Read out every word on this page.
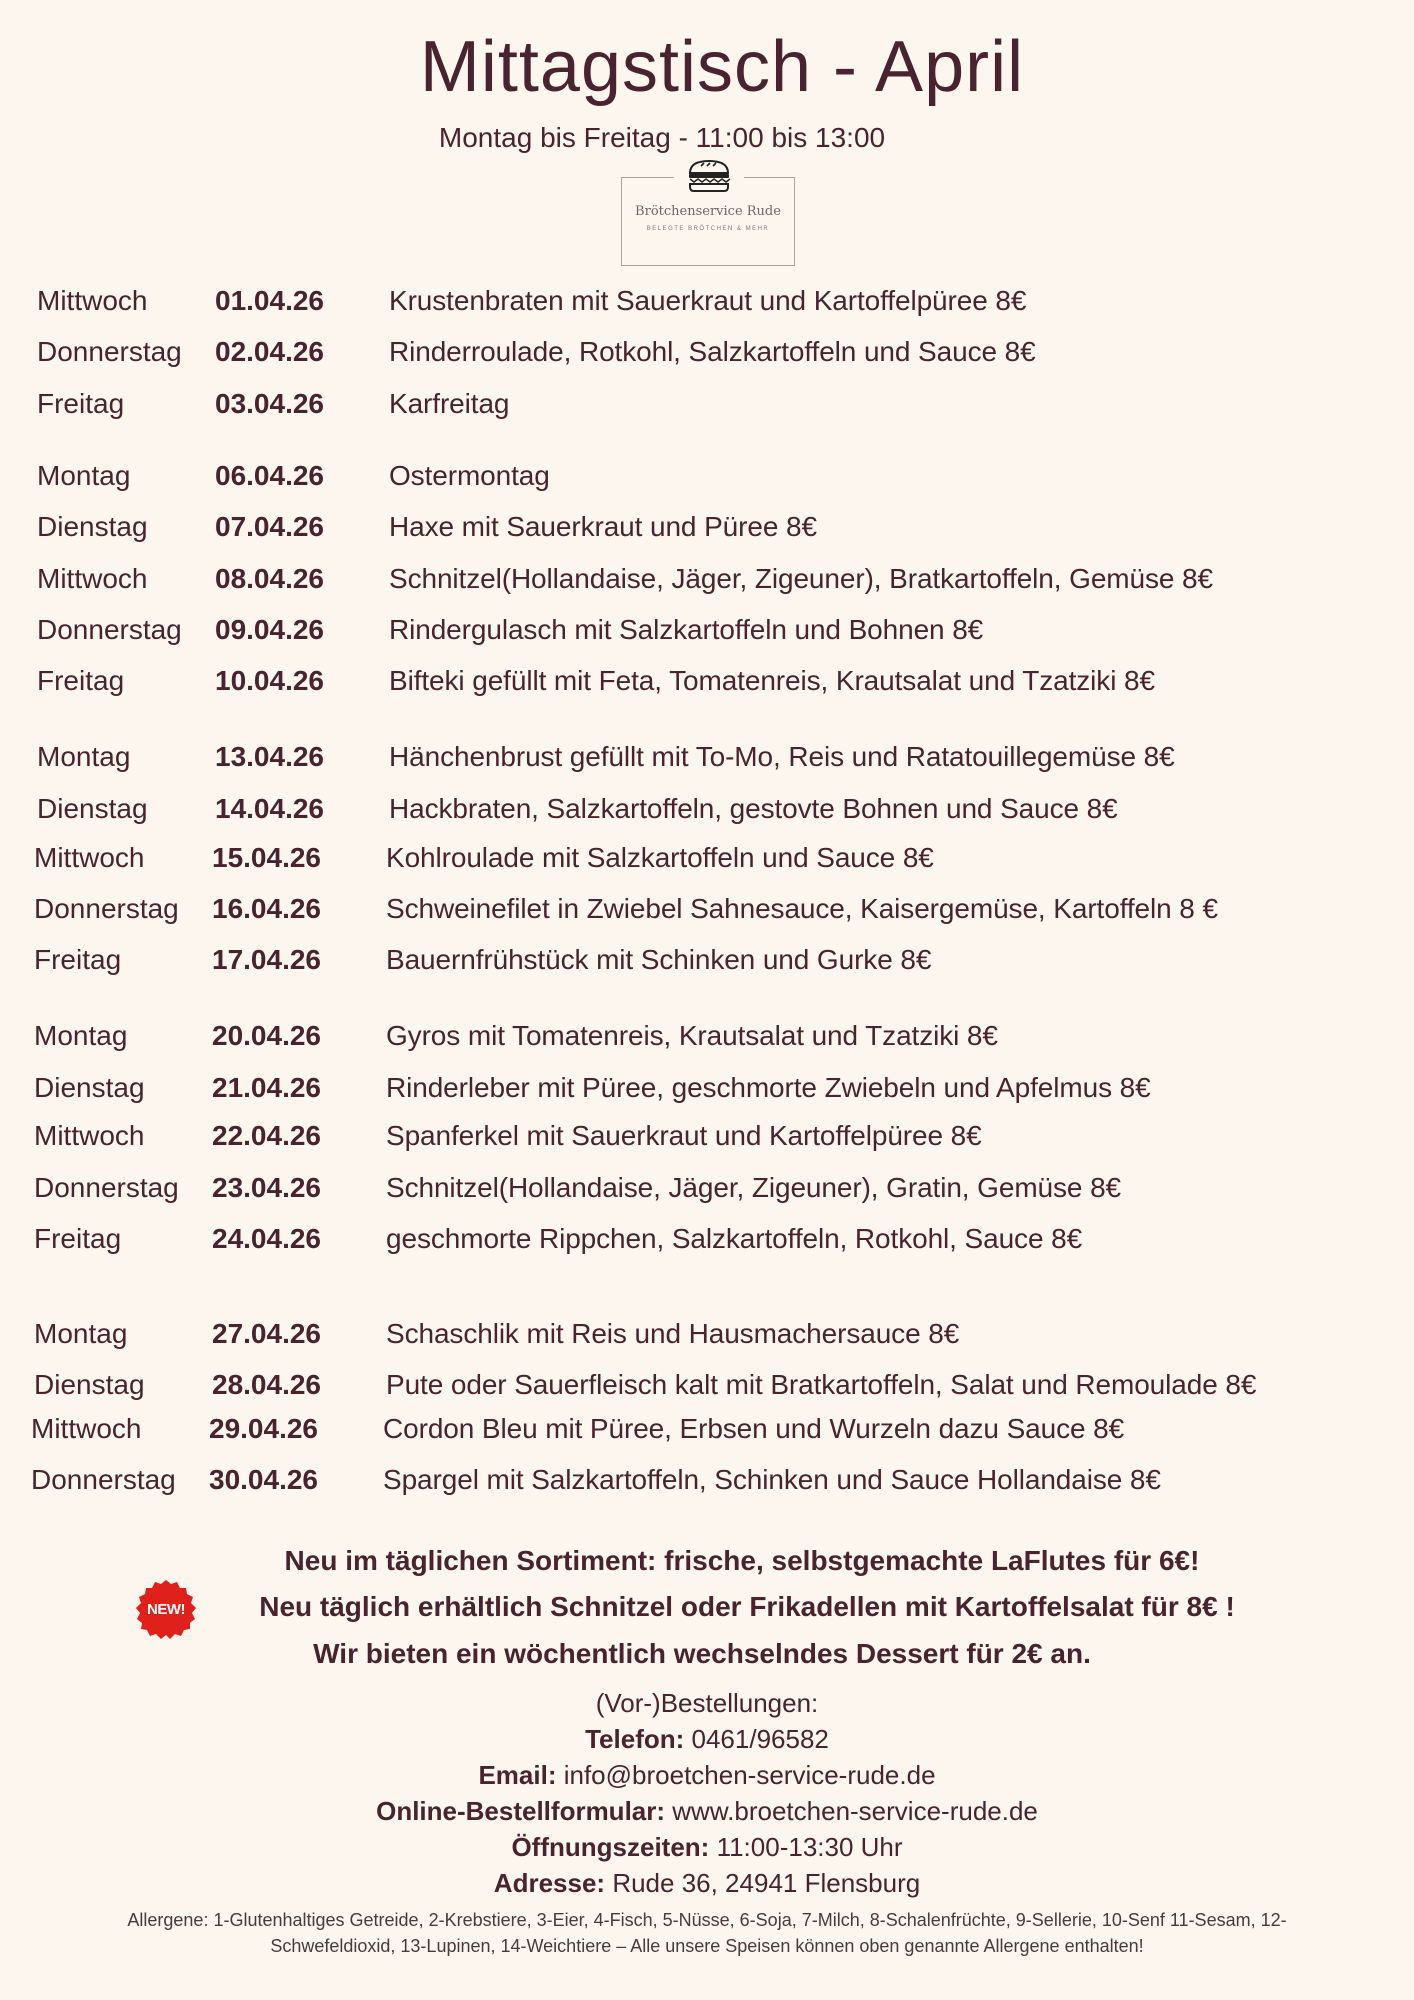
Mittagstisch - April
Montag bis Freitag - 11:00 bis 13:00
Brötchenservice Rude
BELEGTE BRÖTCHEN & MEHR
Mittwoch 01.04.26 Krustenbraten mit Sauerkraut und Kartoffelpüree 8€
Donnerstag 02.04.26 Rinderroulade, Rotkohl, Salzkartoffeln und Sauce 8€
Freitag	03.04.26 Karfreitag
Montag	06.04.26 Ostermontag
Dienstag 07.04.26 Haxe mit Sauerkraut und Püree 8€
Mittwoch 08.04.26 Schnitzel(Hollandaise, Jäger, Zigeuner), Bratkartoffeln, Gemüse 8€
Donnerstag 09.04.26 Rindergulasch mit Salzkartoffeln und Bohnen 8€
Freitag	10.04.26 Bifteki gefüllt mit Feta, Tomatenreis, Krautsalat und Tzatziki 8€
Montag	13.04.26 Hänchenbrust gefüllt mit To-Mo, Reis und Ratatouillegemüse 8€
Dienstag 14.04.26 Hackbraten, Salzkartoffeln, gestovte Bohnen und Sauce 8€
Mittwoch 15.04.26 Kohlroulade mit Salzkartoffeln und Sauce 8€
Donnerstag 16.04.26 Schweinefilet in Zwiebel Sahnesauce, Kaisergemüse, Kartoffeln 8 €
Freitag	17.04.26 Bauernfrühstück mit Schinken und Gurke 8€
Montag	20.04.26 Gyros mit Tomatenreis, Krautsalat und Tzatziki 8€
Dienstag 21.04.26 Rinderleber mit Püree, geschmorte Zwiebeln und Apfelmus 8€
Mittwoch 22.04.26 Spanferkel mit Sauerkraut und Kartoffelpüree 8€
Donnerstag 23.04.26 Schnitzel(Hollandaise, Jäger, Zigeuner), Gratin, Gemüse 8€
Freitag	24.04.26 geschmorte Rippchen, Salzkartoffeln, Rotkohl, Sauce 8€
Montag	27.04.26 Schaschlik mit Reis und Hausmachersauce 8€
Dienstag 28.04.26 Pute oder Sauerfleisch kalt mit Bratkartoffeln, Salat und Remoulade 8€
Mittwoch 29.04.26 Cordon Bleu mit Püree, Erbsen und Wurzeln dazu Sauce 8€
Donnerstag 30.04.26 Spargel mit Salzkartoffeln, Schinken und Sauce Hollandaise 8€
Neu im täglichen Sortiment: frische, selbstgemachte LaFlutes für 6€!
NEW!	Neu täglich erhältlich Schnitzel oder Frikadellen mit Kartoffelsalat für 8€ !
Wir bieten ein wöchentlich wechselndes Dessert für 2€ an.
(Vor-)Bestellungen:
Telefon: 0461/96582
Email: info@broetchen-service-rude.de
Online-Bestellformular: www.broetchen-service-rude.de
Öffnungszeiten: 11:00-13:30 Uhr
Adresse: Rude 36, 24941 Flensburg
Allergene: 1-Glutenhaltiges Getreide, 2-Krebstiere, 3-Eier, 4-Fisch, 5-Nüsse, 6-Soja, 7-Milch, 8-Schalenfrüchte, 9-Sellerie, 10-Senf 11-Sesam, 12-
Schwefeldioxid, 13-Lupinen, 14-Weichtiere – Alle unsere Speisen können oben genannte Allergene enthalten!
